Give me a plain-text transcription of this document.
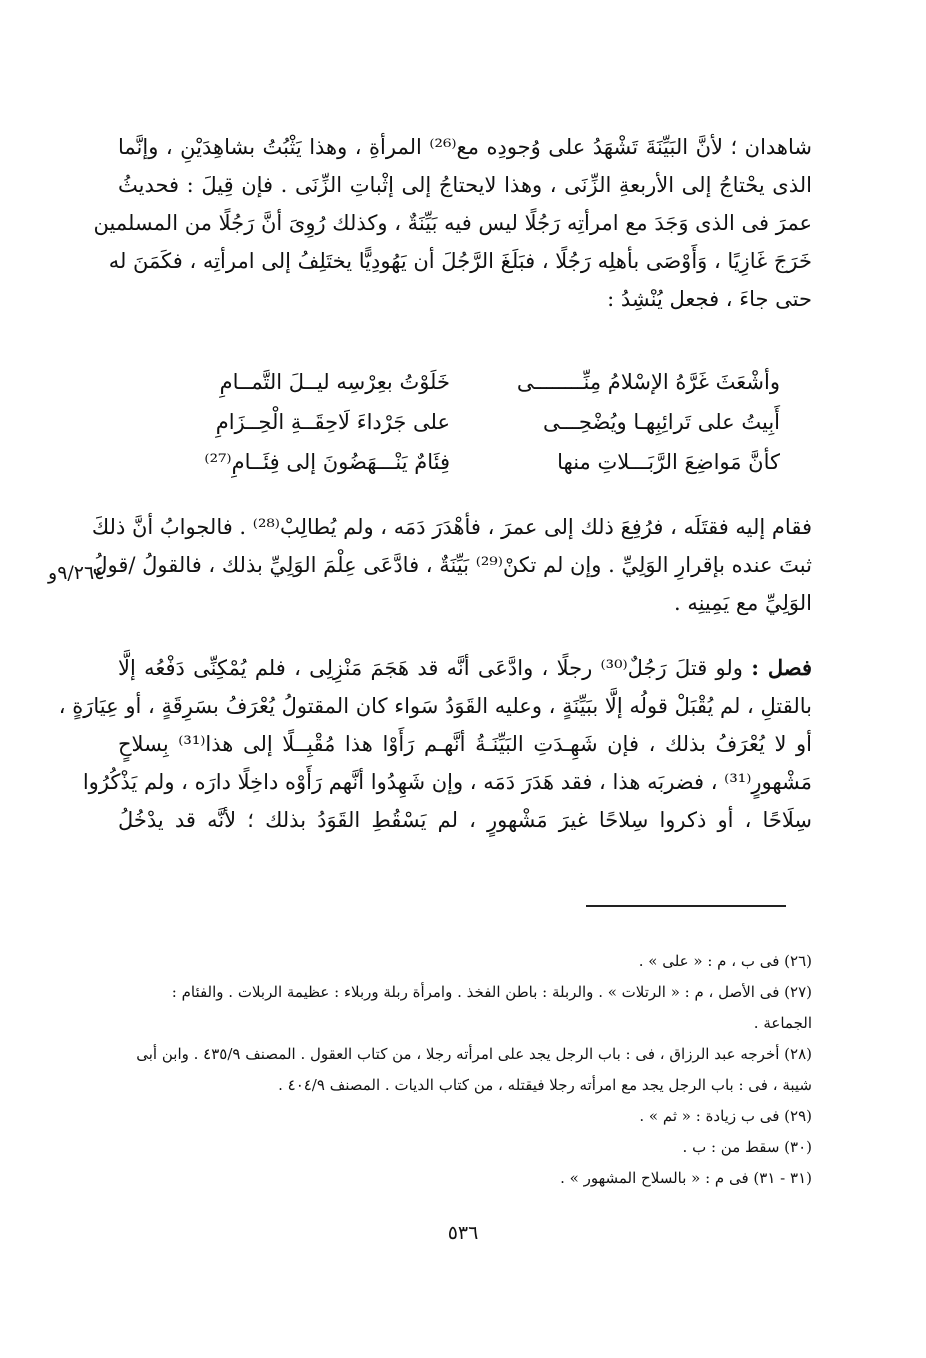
شاهدان ؛ لأنَّ البَيِّنَةَ تَشْهَدُ على وُجودِه مع⁽²⁶⁾ المرأةِ ، وهذا يَثْبُتُ بشاهِدَيْنِ ، وإنَّما
الذى يحْتاجُ إلى الأربعةِ الزِّنَى ، وهذا لايحتاجُ إلى إثْباتِ الزِّنَى . فإن قِيلَ : فحديثُ
عمرَ فى الذى وَجَدَ مع امرأتِه رَجُلًا ليس فيه بَيِّنَةٌ ، وكذلك رُوِىَ أنَّ رَجُلًا من المسلمين
خَرَجَ غَازِيًا ، وَأَوْصَى بأهلِه رَجُلًا ، فبَلَغَ الرَّجُلَ أن يَهُودِيًّا يختَلِفُ إلى امرأتِه ، فكَمَنَ له
حتى جاءَ ، فجعل يُنْشِدُ :
وأشْعَثَ غَرَّهُ الإسْلامُ مِنِّــــــــى
خَلَوْتُ بعِرْسِه ليــلَ التَّمــامِ
أَبِيتُ على تَرائِبِهـا ويُضْحِـــى
على جَرْداءَ لَاحِقَــةِ الْحِــزَامِ
كأنَّ مَواضِعَ الرَّبَـــلاتِ منها
فِئَامٌ يَنْـــهَضُونَ إلى فِئَــامِ⁽²⁷⁾
فقام إليه فقتَلَه ، فرُفِعَ ذلك إلى عمرَ ، فأهْدَرَ دَمَه ، ولم يُطالِبْ⁽²⁸⁾ . فالجوابُ أنَّ ذلكَ
ثبتَ عنده بإقرارِ الوَلِيِّ . وإن لم تكنْ⁽²⁹⁾ بَيِّنَةٌ ، فادَّعَى عِلْمَ الوَلِيِّ بذلك ، فالقولُ /قولُ
الوَلِيِّ مع يَمِينِه .
٩/٢٦٤و
فصل : ولو قتلَ رَجُلٌ⁽³⁰⁾ رجلًا ، وادَّعَى أنَّه قد هَجَمَ مَنْزِلِى ، فلم يُمْكِنِّى دَفْعُه إلَّا
بالقتلِ ، لم يُقْبَلْ قولُه إلَّا ببَيِّنَةٍ ، وعليه القَوَدُ سَواء كان المقتولُ يُعْرَفُ بسَرِقَةٍ ، أو عِيَارَةٍ ،
أو لا يُعْرَفُ بذلك ، فإن شَهِـدَتِ البَيِّنَـةُ أنَّهـم رَأَوْا هذا مُقْبِــلًا إلى هذا⁽³¹⁾ بِسلاحٍ
مَشْهورٍ⁽³¹⁾ ، فضربَه هذا ، فقد هَدَرَ دَمَه ، وإن شَهِدُوا أنَّهم رَأَوْه داخِلًا دارَه ، ولم يَذْكُرُوا
سِلَاحًا ، أو ذكروا سِلاحًا غيرَ مَشْهورٍ ، لم يَسْقُطِ القَوَدُ بذلك ؛ لأنَّه قد يدْخُلُ
(٢٦) فى ب ، م : « على » .
(٢٧) فى الأصل ، م : « الرتلات » . والربلة : باطن الفخذ . وامرأة ربلة وربلاء : عظيمة الربلات . والفئام :
الجماعة .
(٢٨) أخرجه عبد الرزاق ، فى : باب الرجل يجد على امرأته رجلا ، من كتاب العقول . المصنف ٤٣٥/٩ . وابن أبى
شيبة ، فى : باب الرجل يجد مع امرأته رجلا فيقتله ، من كتاب الديات . المصنف ٤٠٤/٩ .
(٢٩) فى ب زيادة : « ثم » .
(٣٠) سقط من : ب .
(٣١ - ٣١) فى م : « بالسلاح المشهور » .
٥٣٦
